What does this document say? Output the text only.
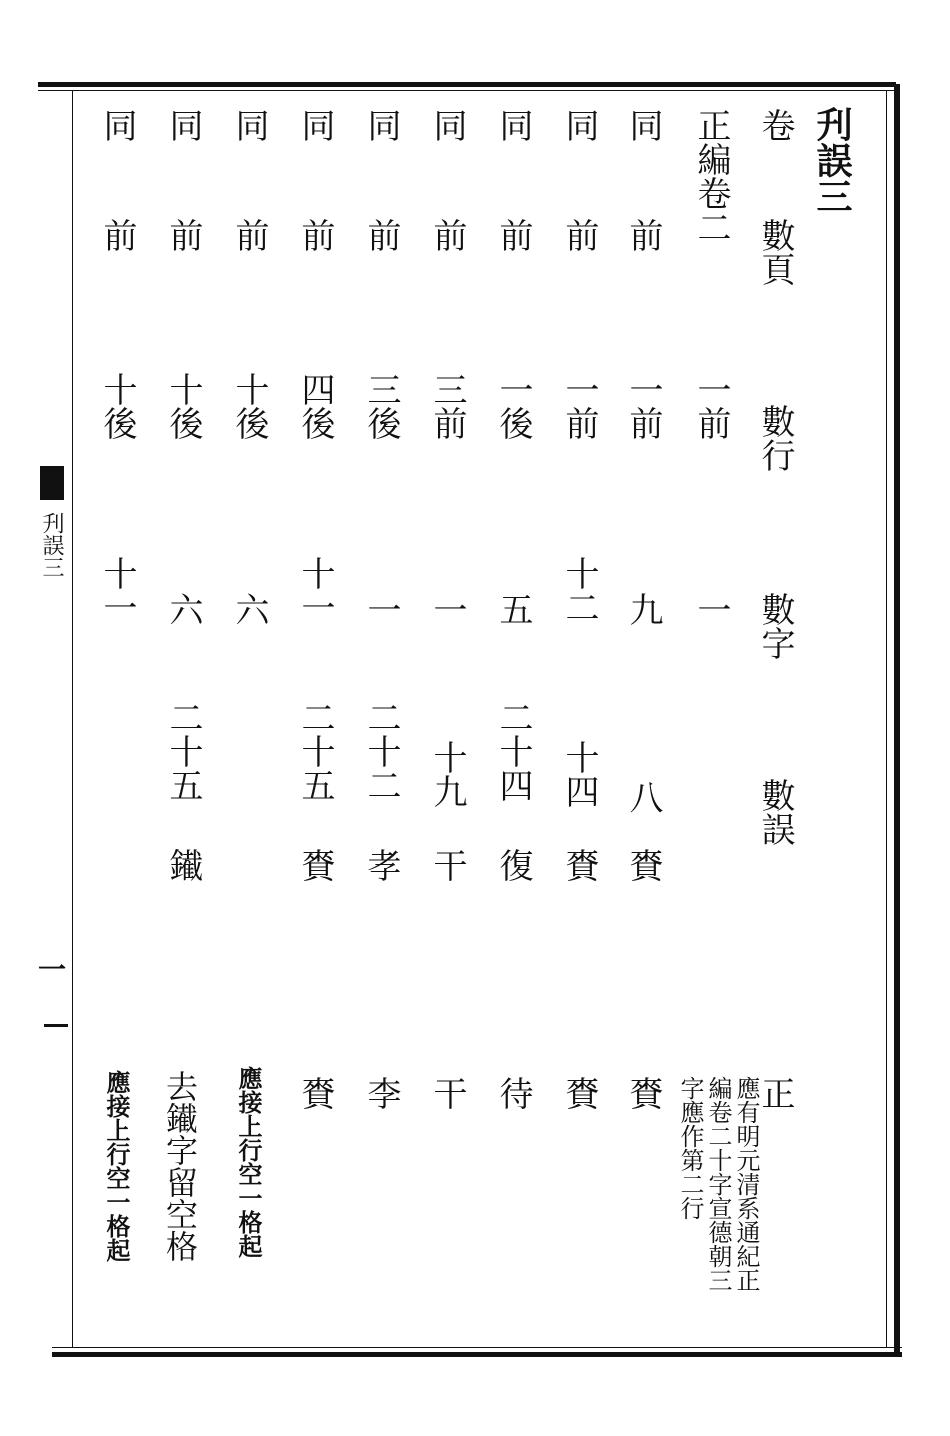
刋誤三
一
刋誤三
卷
數頁
數行
數字
數誤
正
正編卷二
一前
一
應有明元清系通紀正
編卷二十字宣德朝三
字應作第二行
同
前
一前
九
八
賚
賚
同
前
一前
十二
十四
賚
賚
同
前
一後
五
二十四
復
待
同
前
三前
一
十九
干
干
同
前
三後
一
二十二
孝
李
同
前
四後
十一
二十五
賚
賚
同
前
十後
六
應接上行空一格起
同
前
十後
六
二十五
䥫
去䥫字留空格
同
前
十後
十一
應接上行空一格起
